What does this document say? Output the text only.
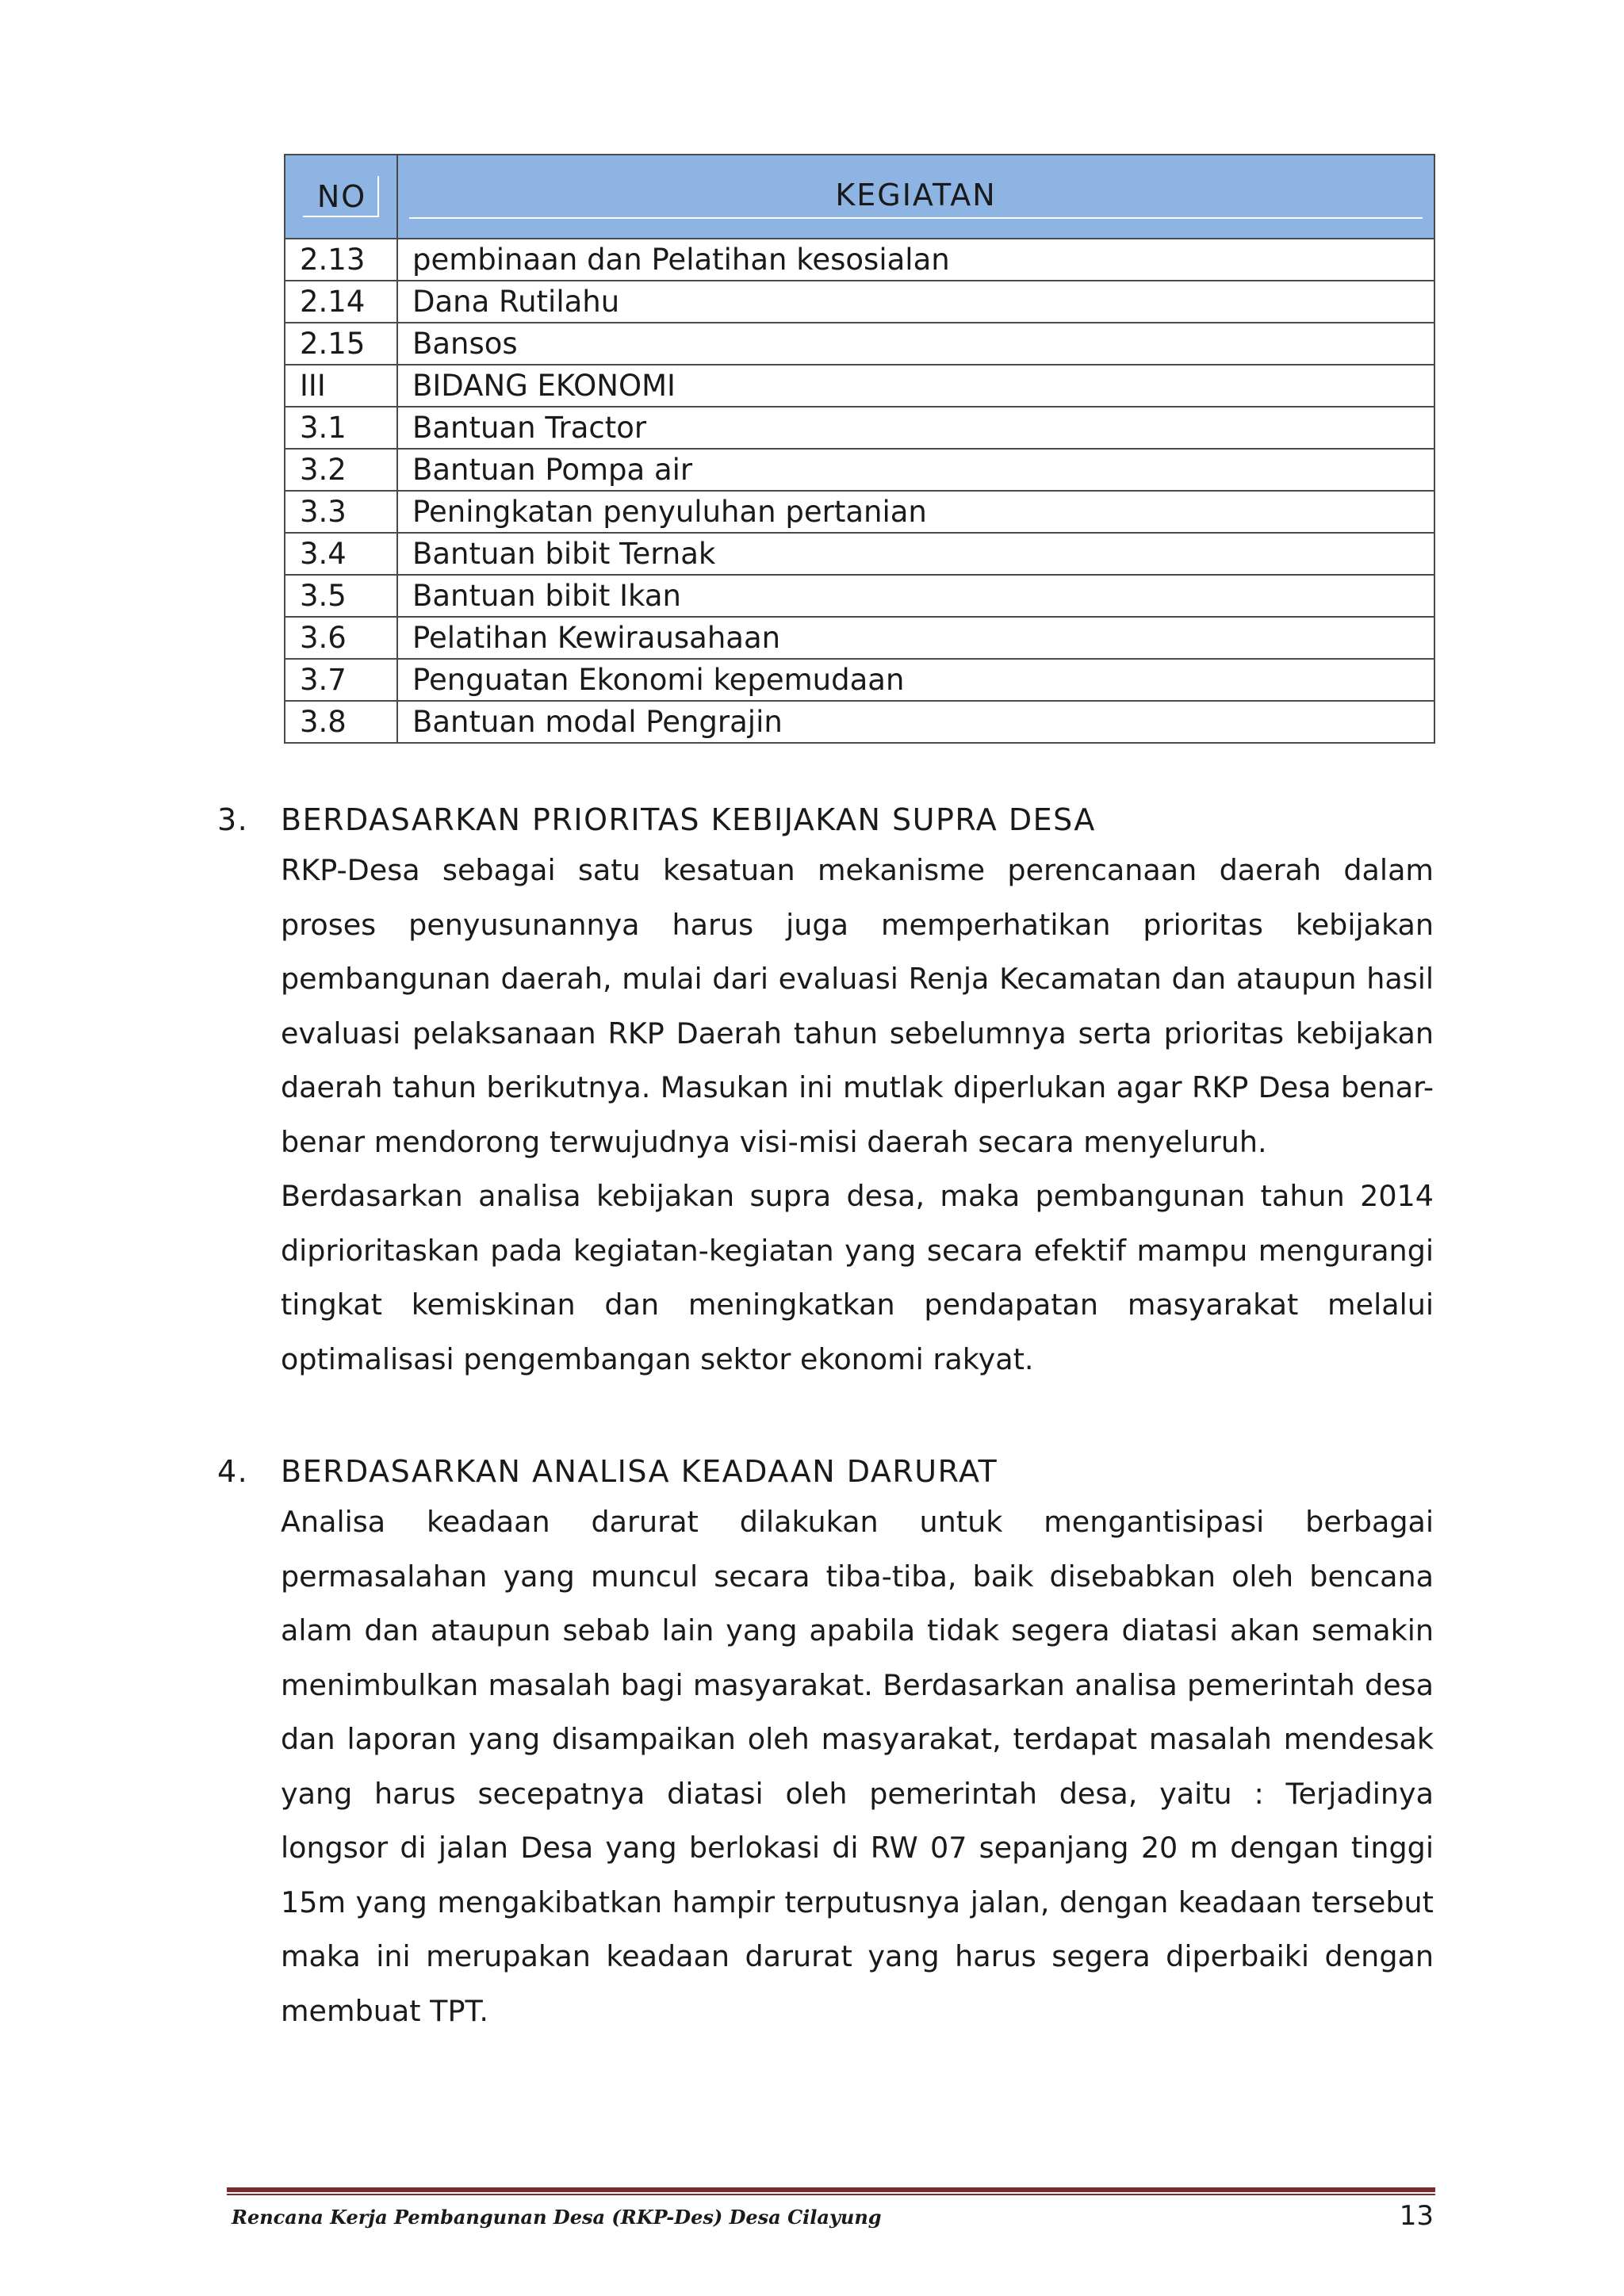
NO	KEGIATAN

2.13	pembinaan dan Pelatihan kesosialan
2.14	Dana Rutilahu
2.15	Bansos
III	BIDANG EKONOMI
3.1	Bantuan Tractor
3.2	Bantuan Pompa air
3.3	Peningkatan penyuluhan pertanian
3.4	Bantuan bibit Ternak
3.5	Bantuan bibit Ikan
3.6	Pelatihan Kewirausahaan
3.7	Penguatan Ekonomi kepemudaan
3.8	Bantuan modal Pengrajin
3. BERDASARKAN PRIORITAS KEBIJAKAN SUPRA DESA
RKP-Desa sebagai satu kesatuan mekanisme perencanaan daerah dalam proses penyusunannya harus juga memperhatikan prioritas kebijakan pembangunan daerah, mulai dari evaluasi Renja Kecamatan dan ataupun hasil evaluasi pelaksanaan RKP Daerah tahun sebelumnya serta prioritas kebijakan daerah tahun berikutnya. Masukan ini mutlak diperlukan agar RKP Desa benar-benar mendorong terwujudnya visi-misi daerah secara menyeluruh.
Berdasarkan analisa kebijakan supra desa, maka pembangunan tahun 2014 diprioritaskan pada kegiatan-kegiatan yang secara efektif mampu mengurangi tingkat kemiskinan dan meningkatkan pendapatan masyarakat melalui optimalisasi pengembangan sektor ekonomi rakyat.
4. BERDASARKAN ANALISA KEADAAN DARURAT
Analisa keadaan darurat dilakukan untuk mengantisipasi berbagai permasalahan yang muncul secara tiba-tiba, baik disebabkan oleh bencana alam dan ataupun sebab lain yang apabila tidak segera diatasi akan semakin menimbulkan masalah bagi masyarakat. Berdasarkan analisa pemerintah desa dan laporan yang disampaikan oleh masyarakat, terdapat masalah mendesak yang harus secepatnya diatasi oleh pemerintah desa, yaitu : Terjadinya longsor di jalan Desa yang berlokasi di RW 07 sepanjang 20 m dengan tinggi 15m yang mengakibatkan hampir terputusnya jalan, dengan keadaan tersebut maka ini merupakan keadaan darurat yang harus segera diperbaiki dengan membuat TPT.
Rencana Kerja Pembangunan Desa (RKP-Des) Desa Cilayung	13
